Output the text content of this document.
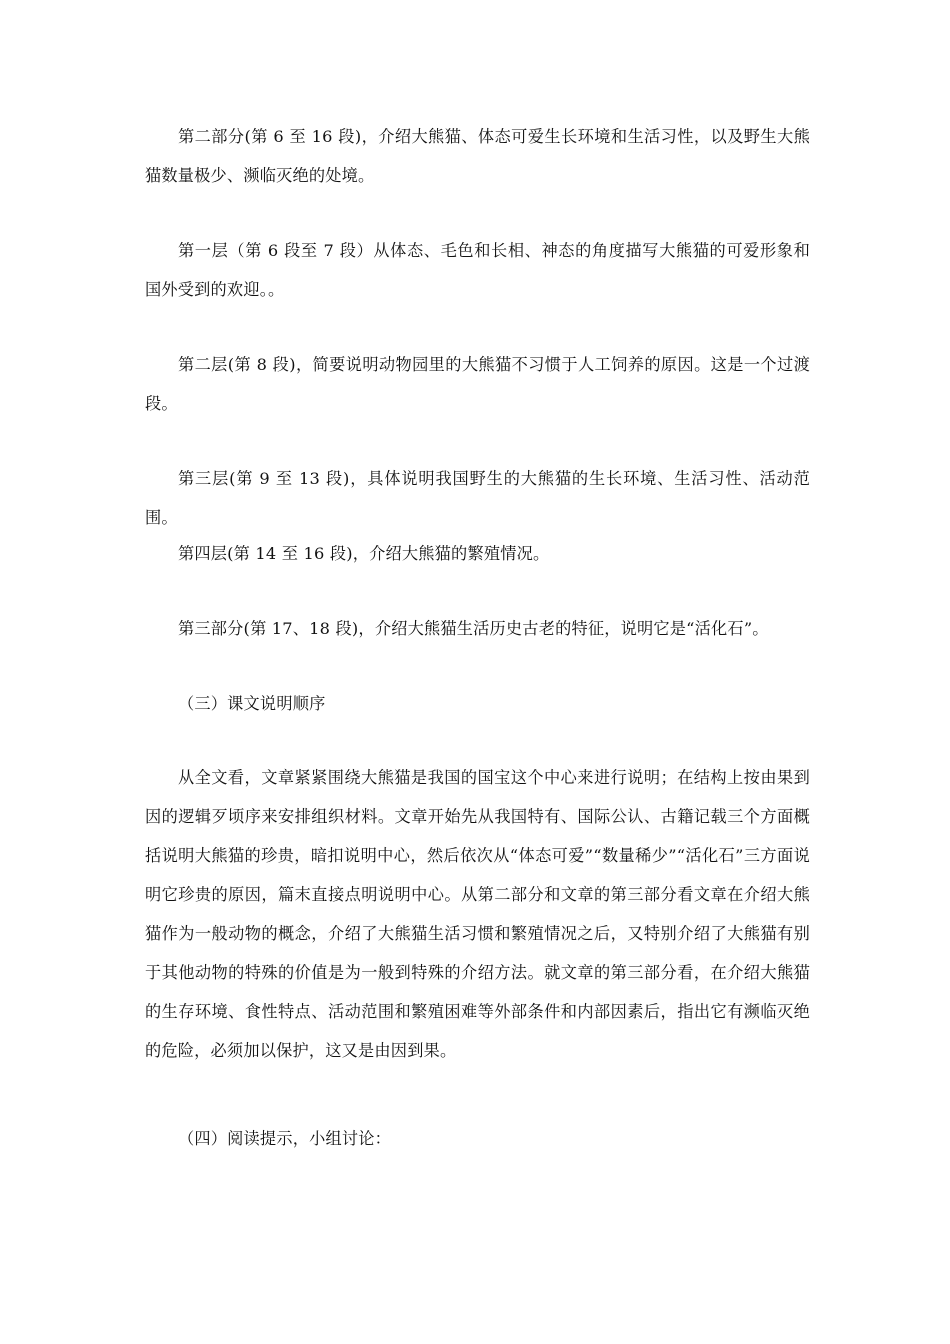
第二部分(第 6 至 16 段)，介绍大熊猫、体态可爱生长环境和生活习性，以及野生大熊猫数量极少、濒临灭绝的处境。

第一层（第 6 段至 7 段）从体态、毛色和长相、神态的角度描写大熊猫的可爱形象和国外受到的欢迎。。

第二层(第 8 段)，简要说明动物园里的大熊猫不习惯于人工饲养的原因。这是一个过渡段。

第三层(第 9 至 13 段)，具体说明我国野生的大熊猫的生长环境、生活习性、活动范围。

第四层(第 14 至 16 段)，介绍大熊猫的繁殖情况。

第三部分(第 17、18 段)，介绍大熊猫生活历史古老的特征，说明它是“活化石”。

（三）课文说明顺序

从全文看，文章紧紧围绕大熊猫是我国的国宝这个中心来进行说明；在结构上按由果到因的逻辑歹顷序来安排组织材料。文章开始先从我国特有、国际公认、古籍记载三个方面概括说明大熊猫的珍贵，暗扣说明中心，然后依次从“体态可爱”“数量稀少”“活化石”三方面说明它珍贵的原因，篇末直接点明说明中心。从第二部分和文章的第三部分看文章在介绍大熊猫作为一般动物的概念，介绍了大熊猫生活习惯和繁殖情况之后，又特别介绍了大熊猫有别于其他动物的特殊的价值是为一般到特殊的介绍方法。就文章的第三部分看，在介绍大熊猫的生存环境、食性特点、活动范围和繁殖困难等外部条件和内部因素后，指出它有濒临灭绝的危险，必须加以保护，这又是由因到果。

（四）阅读提示，小组讨论：
